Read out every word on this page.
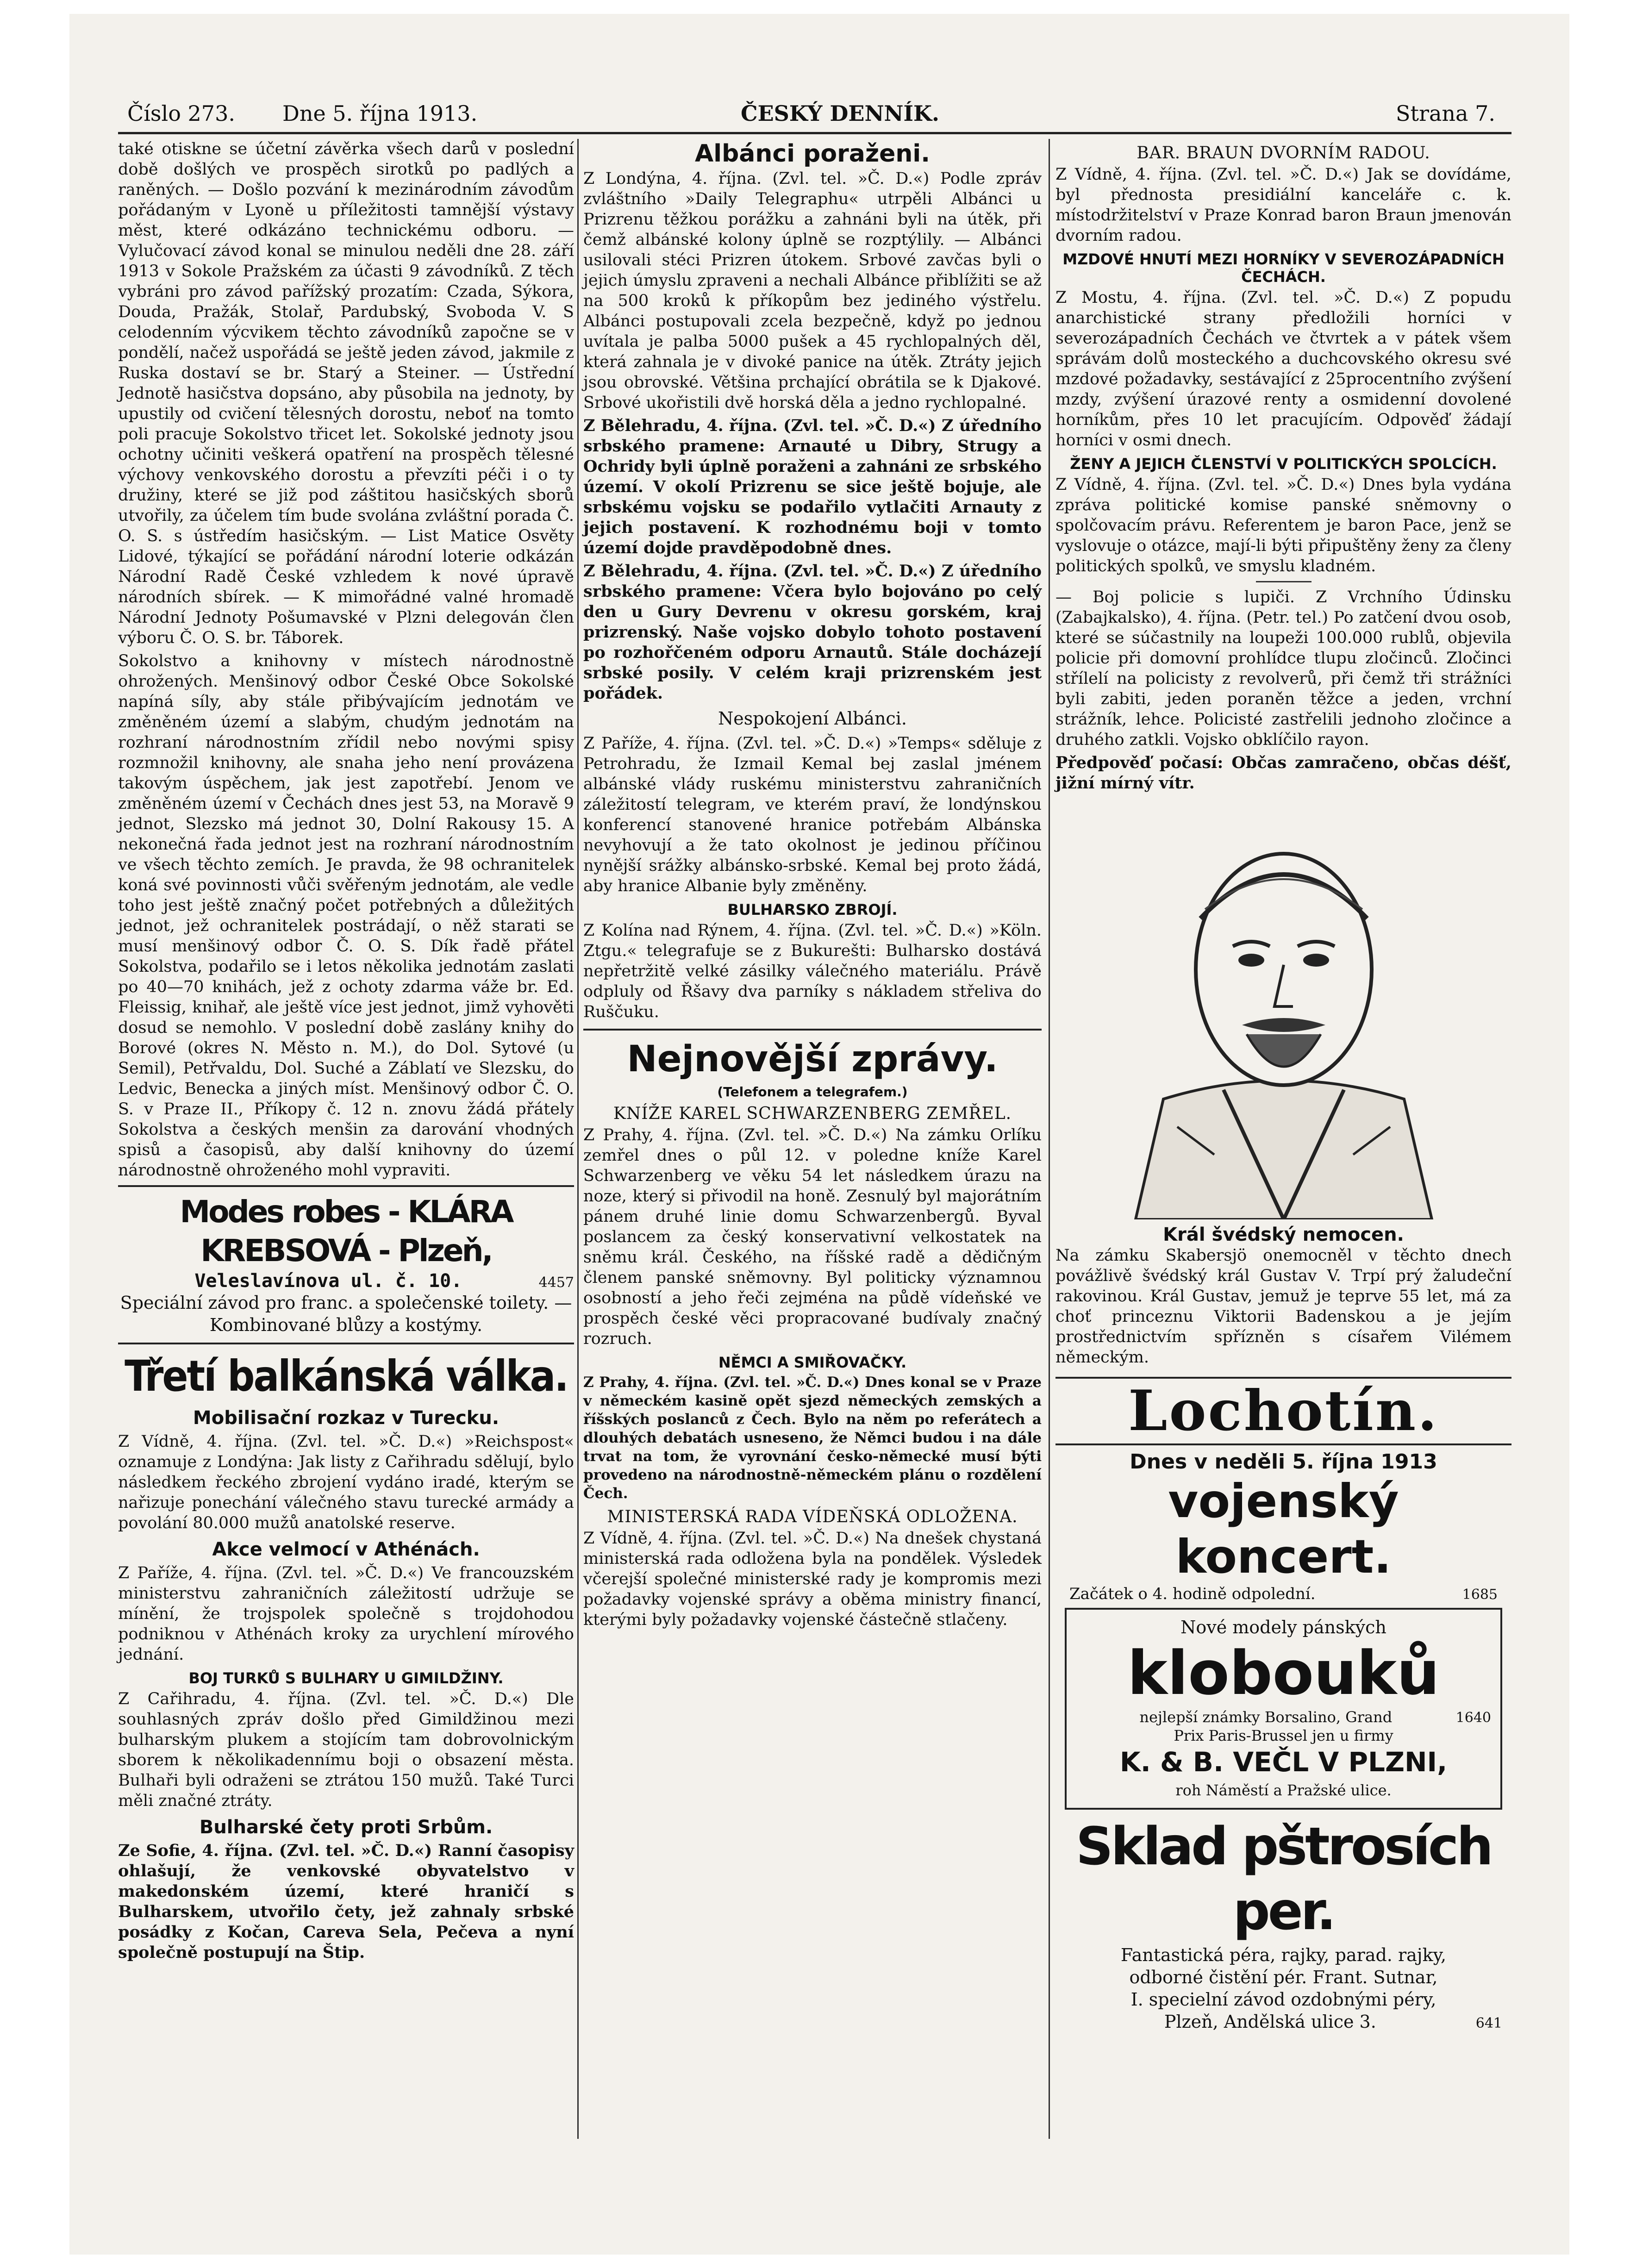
Číslo 273. Dne 5. října 1913.	ČESKÝ DENNÍK.	Strana 7.

také otiskne se účetní závěrka všech darů v poslední době došlých ve prospěch sirotků po padlých a raněných. — Došlo pozvání k mezinárodním závodům pořádaným v Lyoně u příležitosti tamnější výstavy měst, které odkázáno technickému odboru. — Vylučovací závod konal se minulou neděli dne 28. září 1913 v Sokole Pražském za účasti 9 závodníků. Z těch vybráni pro závod pařížský prozatím: Czada, Sýkora, Douda, Pražák, Stolař, Pardubský, Svoboda V. S celodenním výcvikem těchto závodníků započne se v pondělí, načež uspořádá se ještě jeden závod, jakmile z Ruska dostaví se br. Starý a Steiner. — Ústřední Jednotě hasičstva dopsáno, aby působila na jednoty, by upustily od cvičení tělesných dorostu, neboť na tomto poli pracuje Sokolstvo třicet let. Sokolské jednoty jsou ochotny učiniti veškerá opatření na prospěch tělesné výchovy venkovského dorostu a převzíti péči i o ty družiny, které se již pod záštitou hasičských sborů utvořily, za účelem tím bude svolána zvláštní porada Č. O. S. s ústředím hasičským. — List Matice Osvěty Lidové, týkající se pořádání národní loterie odkázán Národní Radě České vzhledem k nové úpravě národních sbírek. — K mimořádné valné hromadě Národní Jednoty Pošumavské v Plzni delegován člen výboru Č. O. S. br. Táborek.

Sokolstvo a knihovny v místech národnostně ohrožených. Menšinový odbor České Obce Sokolské napíná síly, aby stále přibývajícím jednotám ve změněném území a slabým, chudým jednotám na rozhraní národnostním zřídil nebo novými spisy rozmnožil knihovny, ale snaha jeho není provázena takovým úspěchem, jak jest zapotřebí. Jenom ve změněném území v Čechách dnes jest 53, na Moravě 9 jednot, Slezsko má jednot 30, Dolní Rakousy 15. A nekonečná řada jednot jest na rozhraní národnostním ve všech těchto zemích. Je pravda, že 98 ochranitelek koná své povinnosti vůči svěřeným jednotám, ale vedle toho jest ještě značný počet potřebných a důležitých jednot, jež ochranitelek postrádají, o něž starati se musí menšinový odbor Č. O. S. Dík řadě přátel Sokolstva, podařilo se i letos několika jednotám zaslati po 40—70 knihách, jež z ochoty zdarma váže br. Ed. Fleissig, knihař, ale ještě více jest jednot, jimž vyhověti dosud se nemohlo. V poslední době zaslány knihy do Borové (okres N. Město n. M.), do Dol. Sytové (u Semil), Petřvaldu, Dol. Suché a Záblatí ve Slezsku, do Ledvic, Benecka a jiných míst. Menšinový odbor Č. O. S. v Praze II., Příkopy č. 12 n. znovu žádá přátely Sokolstva a českých menšin za darování vhodných spisů a časopisů, aby další knihovny do území národnostně ohroženého mohl vypraviti.

Modes robes - KLÁRA KREBSOVÁ - Plzeň,
Veleslavínova ul. č. 10.	4457
Speciální závod pro franc. a společenské toilety. — Kombinované blůzy a kostýmy.
Třetí balkánská válka.
Mobilisační rozkaz v Turecku.

Z Vídně, 4. října. (Zvl. tel. »Č. D.«) »Reichspost« oznamuje z Londýna: Jak listy z Cařihradu sdělují, bylo následkem řeckého zbrojení vydáno iradé, kterým se nařizuje ponechání válečného stavu turecké armády a povolání 80.000 mužů anatolské reserve.

Akce velmocí v Athénách.

Z Paříže, 4. října. (Zvl. tel. »Č. D.«) Ve francouzském ministerstvu zahraničních záležitostí udržuje se mínění, že trojspolek společně s trojdohodou podniknou v Athénách kroky za urychlení mírového jednání.

BOJ TURKŮ S BULHARY U GIMILDŽINY.

Z Cařihradu, 4. října. (Zvl. tel. »Č. D.«) Dle souhlasných zpráv došlo před Gimildžinou mezi bulharským plukem a stojícím tam dobrovolnickým sborem k několikadennímu boji o obsazení města. Bulhaři byli odraženi se ztrátou 150 mužů. Také Turci měli značné ztráty.

Bulharské čety proti Srbům.

Ze Sofie, 4. října. (Zvl. tel. »Č. D.«) Ranní časopisy ohlašují, že venkovské obyvatelstvo v makedonském území, které hraničí s Bulharskem, utvořilo čety, jež zahnaly srbské posádky z Kočan, Careva Sela, Pečeva a nyní společně postupují na Štip.

Albánci poraženi.

Z Londýna, 4. října. (Zvl. tel. »Č. D.«) Podle zpráv zvláštního »Daily Telegraphu« utrpěli Albánci u Prizrenu těžkou porážku a zahnáni byli na útěk, při čemž albánské kolony úplně se rozptýlily. — Albánci usilovali stéci Prizren útokem. Srbové zavčas byli o jejich úmyslu zpraveni a nechali Albánce přiblížiti se až na 500 kroků k příkopům bez jediného výstřelu. Albánci postupovali zcela bezpečně, když po jednou uvítala je palba 5000 pušek a 45 rychlopalných děl, která zahnala je v divoké panice na útěk. Ztráty jejich jsou obrovské. Většina prchající obrátila se k Djakové. Srbové ukořistili dvě horská děla a jedno rychlopalné.

Z Bělehradu, 4. října. (Zvl. tel. »Č. D.«) Z úředního srbského pramene: Arnauté u Dibry, Strugy a Ochridy byli úplně poraženi a zahnáni ze srbského území. V okolí Prizrenu se sice ještě bojuje, ale srbskému vojsku se podařilo vytlačiti Arnauty z jejich postavení. K rozhodnému boji v tomto území dojde pravděpodobně dnes.

Z Bělehradu, 4. října. (Zvl. tel. »Č. D.«) Z úředního srbského pramene: Včera bylo bojováno po celý den u Gury Devrenu v okresu gorském, kraj prizrenský. Naše vojsko dobylo tohoto postavení po rozhořčeném odporu Arnautů. Stále docházejí srbské posily. V celém kraji prizrenském jest pořádek.

Nespokojení Albánci.

Z Paříže, 4. října. (Zvl. tel. »Č. D.«) »Temps« sděluje z Petrohradu, že Izmail Kemal bej zaslal jménem albánské vlády ruskému ministerstvu zahraničních záležitostí telegram, ve kterém praví, že londýnskou konferencí stanovené hranice potřebám Albánska nevyhovují a že tato okolnost je jedinou příčinou nynější srážky albánsko-srbské. Kemal bej proto žádá, aby hranice Albanie byly změněny.

BULHARSKO ZBROJÍ.

Z Kolína nad Rýnem, 4. října. (Zvl. tel. »Č. D.«) »Köln. Ztgu.« telegrafuje se z Bukurešti: Bulharsko dostává nepřetržitě velké zásilky válečného materiálu. Právě odpluly od Řšavy dva parníky s nákladem střeliva do Ruščuku.

Nejnovější zprávy.
(Telefonem a telegrafem.)
KNÍŽE KAREL SCHWARZENBERG ZEMŘEL.

Z Prahy, 4. října. (Zvl. tel. »Č. D.«) Na zámku Orlíku zemřel dnes o půl 12. v poledne kníže Karel Schwarzenberg ve věku 54 let následkem úrazu na noze, který si přivodil na honě. Zesnulý byl majorátním pánem druhé linie domu Schwarzenbergů. Byval poslancem za český konservativní velkostatek na sněmu král. Českého, na říšské radě a dědičným členem panské sněmovny. Byl politicky významnou osobností a jeho řeči zejména na půdě vídeňské ve prospěch české věci propracované budívaly značný rozruch.

NĚMCI A SMIŘOVAČKY.

Z Prahy, 4. října. (Zvl. tel. »Č. D.«) Dnes konal se v Praze v německém kasině opět sjezd německých zemských a říšských poslanců z Čech. Bylo na něm po referátech a dlouhých debatách usneseno, že Němci budou i na dále trvat na tom, že vyrovnání česko-německé musí býti provedeno na národnostně-německém plánu o rozdělení Čech.

MINISTERSKÁ RADA VÍDEŇSKÁ ODLOŽENA.

Z Vídně, 4. října. (Zvl. tel. »Č. D.«) Na dnešek chystaná ministerská rada odložena byla na pondělek. Výsledek včerejší společné ministerské rady je kompromis mezi požadavky vojenské správy a oběma ministry financí, kterými byly požadavky vojenské částečně stlačeny.

BAR. BRAUN DVORNÍM RADOU.

Z Vídně, 4. října. (Zvl. tel. »Č. D.«) Jak se dovídáme, byl přednosta presidiální kanceláře c. k. místodržitelství v Praze Konrad baron Braun jmenován dvorním radou.

MZDOVÉ HNUTÍ MEZI HORNÍKY V SEVEROZÁPADNÍCH ČECHÁCH.

Z Mostu, 4. října. (Zvl. tel. »Č. D.«) Z popudu anarchistické strany předložili horníci v severozápadních Čechách ve čtvrtek a v pátek všem správám dolů mosteckého a duchcovského okresu své mzdové požadavky, sestávající z 25procentního zvýšení mzdy, zvýšení úrazové renty a osmidenní dovolené horníkům, přes 10 let pracujícím. Odpověď žádají horníci v osmi dnech.

ŽENY A JEJICH ČLENSTVÍ V POLITICKÝCH SPOLCÍCH.

Z Vídně, 4. října. (Zvl. tel. »Č. D.«) Dnes byla vydána zpráva politické komise panské sněmovny o spolčovacím právu. Referentem je baron Pace, jenž se vyslovuje o otázce, mají-li býti připuštěny ženy za členy politických spolků, ve smyslu kladném.

— Boj policie s lupiči. Z Vrchního Údinsku (Zabajkalsko), 4. října. (Petr. tel.) Po zatčení dvou osob, které se súčastnily na loupeži 100.000 rublů, objevila policie při domovní prohlídce tlupu zločinců. Zločinci střílelí na policisty z revolverů, při čemž tři strážníci byli zabiti, jeden poraněn těžce a jeden, vrchní strážník, lehce. Policisté zastřelili jednoho zločince a druhého zatkli. Vojsko obklíčilo rayon.

Předpověď počasí: Občas zamračeno, občas déšť, jižní mírný vítr.

Král švédský nemocen.

Na zámku Skabersjö onemocněl v těchto dnech povážlivě švédský král Gustav V. Trpí prý žaludeční rakovinou. Král Gustav, jemuž je teprve 55 let, má za choť princeznu Viktorii Badenskou a je jejím prostřednictvím spřízněn s císařem Vilémem německým.

Lochotín.
Dnes v neděli 5. října 1913
vojenský koncert.
Začátek o 4. hodině odpolední.	1685
Nové modely pánských
klobouků
nejlepší známky Borsalino, Grand	1640
Prix Paris-Brussel jen u firmy
K. & B. VEČL V PLZNI,
roh Náměstí a Pražské ulice.
Sklad pštrosích per.
Fantastická péra, rajky, parad. rajky,
odborné čistění pér. Frant. Sutnar,
I. specielní závod ozdobnými péry,
Plzeň, Andělská ulice 3.	641
